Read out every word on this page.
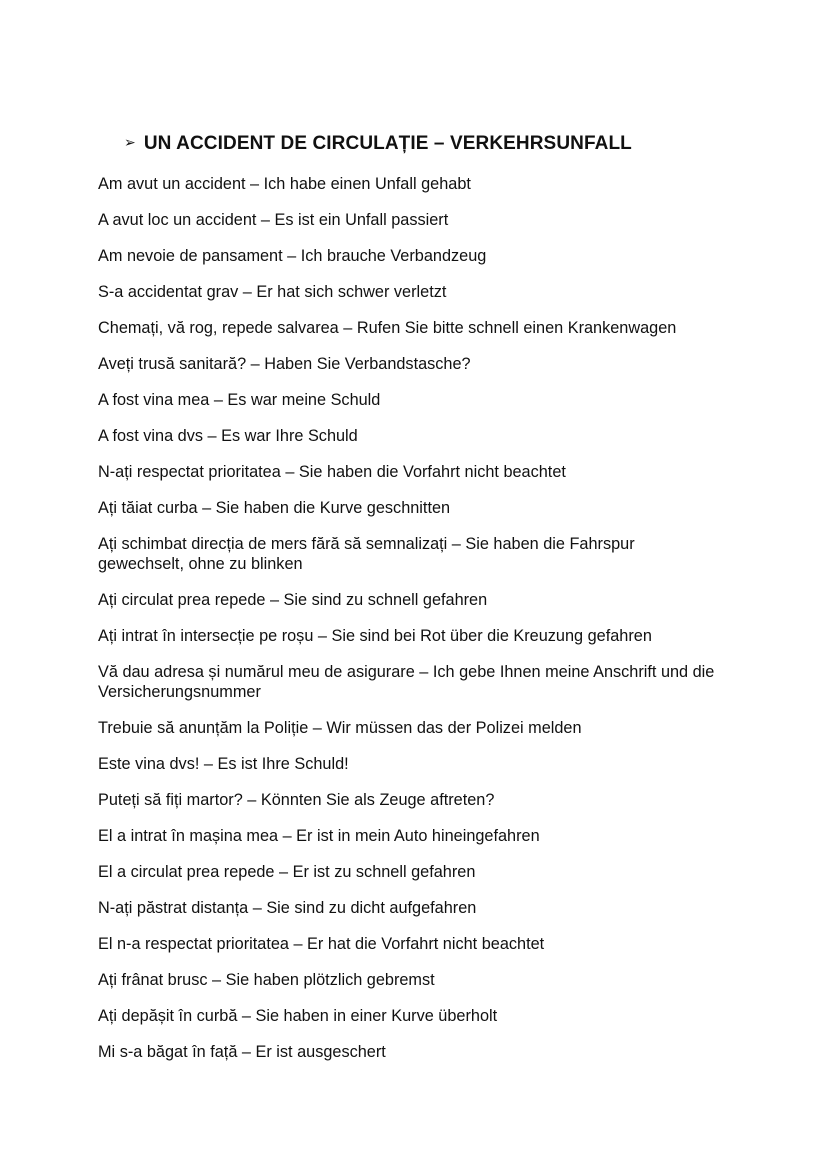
➢ UN ACCIDENT DE CIRCULAȚIE – VERKEHRSUNFALL
Am avut un accident – Ich habe einen Unfall gehabt
A avut loc un accident – Es ist ein Unfall passiert
Am nevoie de pansament – Ich brauche Verbandzeug
S-a accidentat grav – Er hat sich schwer verletzt
Chemați, vă rog, repede salvarea – Rufen Sie bitte schnell einen Krankenwagen
Aveți trusă sanitară? – Haben Sie Verbandstasche?
A fost vina mea – Es war meine Schuld
A fost vina dvs – Es war Ihre Schuld
N-ați respectat prioritatea – Sie haben die Vorfahrt nicht beachtet
Ați tăiat curba – Sie haben die Kurve geschnitten
Ați schimbat direcția de mers fără să semnalizați – Sie haben die Fahrspur gewechselt, ohne zu blinken
Ați circulat prea repede – Sie sind zu schnell gefahren
Ați intrat în intersecție pe roșu – Sie sind bei Rot über die Kreuzung gefahren
Vă dau adresa și numărul meu de asigurare – Ich gebe Ihnen meine Anschrift und die Versicherungsnummer
Trebuie să anunțăm la Poliție – Wir müssen das der Polizei melden
Este vina dvs! – Es ist Ihre Schuld!
Puteți să fiți martor? – Könnten Sie als Zeuge aftreten?
El a intrat în mașina mea – Er ist in mein Auto hineingefahren
El a circulat prea repede – Er ist zu schnell gefahren
N-ați păstrat distanța – Sie sind zu dicht aufgefahren
El n-a respectat prioritatea – Er hat die Vorfahrt nicht beachtet
Ați frânat brusc – Sie haben plötzlich gebremst
Ați depășit în curbă – Sie haben in einer Kurve überholt
Mi s-a băgat în față – Er ist ausgeschert
